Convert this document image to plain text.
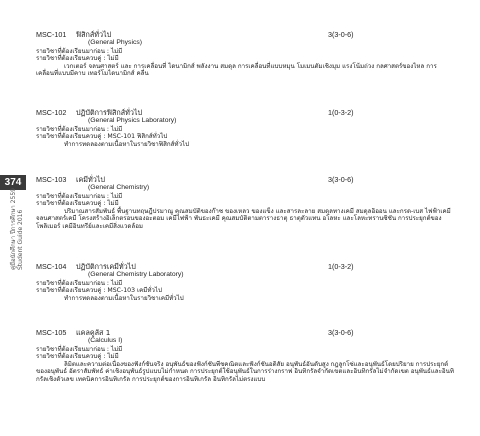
374
คู่มือนักศึกษา ปีการศึกษา 2559 Student Guide 2016
MSC-101 ฟิสิกส์ทั่วไป	3(3-0-6)
(General Physics)
รายวิชาที่ต้องเรียนมาก่อน : ไม่มี
รายวิชาที่ต้องเรียนควบคู่ : ไม่มี
เวกเตอร์ จลนศาสตร์ และ การเคลื่อนที่ ไดนามิกส์ พลังงาน สมดุล การเคลื่อนที่แบบหมุน โมเมนตัมเชิงมุม แรงโน้มถ่วง กลศาสตร์ของไหล การเคลื่อนที่แบบมีคาบ เทอร์โมไดนามิกส์ คลื่น
MSC-102 ปฏิบัติการฟิสิกส์ทั่วไป	1(0-3-2)
(General Physics Laboratory)
รายวิชาที่ต้องเรียนมาก่อน : ไม่มี
รายวิชาที่ต้องเรียนควบคู่ : MSC-101 ฟิสิกส์ทั่วไป
ทำการทดลองตามเนื้อหาในรายวิชาฟิสิกส์ทั่วไป
MSC-103 เคมีทั่วไป	3(3-0-6)
(General Chemistry)
รายวิชาที่ต้องเรียนมาก่อน : ไม่มี
รายวิชาที่ต้องเรียนควบคู่ : ไม่มี
ปริมาณสารสัมพันธ์ พื้นฐานทฤษฎีปรมาณู คุณสมบัติของก๊าซ ของเหลว ของแข็ง และสารละลาย สมดุลทางเคมี สมดุลอิออน และกรด-เบส ไฟฟ้าเคมี จลนศาสตร์เคมี โครงสร้างอิเล็กตรอนของอะตอม เคมีไฟฟ้า พันธะเคมี คุณสมบัติตามตารางธาตุ ธาตุตัวแทน อโลหะ และโลหะทรานซิชัน การประยุกต์ของโพลิเมอร์ เคมีอินทรีย์และเคมีสิ่งแวดล้อม
MSC-104 ปฏิบัติการเคมีทั่วไป	1(0-3-2)
(General Chemistry Laboratory)
รายวิชาที่ต้องเรียนมาก่อน : ไม่มี
รายวิชาที่ต้องเรียนควบคู่ : MSC-103 เคมีทั่วไป
ทำการทดลองตามเนื้อหาในรายวิชาเคมีทั่วไป
MSC-105 แคลคูลัส 1	3(3-0-6)
(Calculus I)
รายวิชาที่ต้องเรียนมาก่อน : ไม่มี
รายวิชาที่ต้องเรียนควบคู่ : ไม่มี
ลิมิตและความต่อเนื่องของฟังก์ชันจริง อนุพันธ์ของฟังก์ชันพีชคณิตและฟังก์ชันอดิสัย อนุพันธ์อันดับสูง กฎลูกโซ่และอนุพันธ์โดยปริยาย การประยุกต์ของอนุพันธ์ อัตราสัมพัทธ์ ค่าเชิงอนุพันธ์รูปแบบไม่กำหนด การประยุกต์ใช้อนุพันธ์ในการร่างกราฟ อินทิกรัลจำกัดเขตและอินทิกรัลไม่จำกัดเขต อนุพันธ์และอินทิกรัลเชิงตัวเลข เทคนิคการอินทิเกรัล การประยุกต์ของการอินทิเกรัล อินทิกรัลไม่ตรงแบบ
